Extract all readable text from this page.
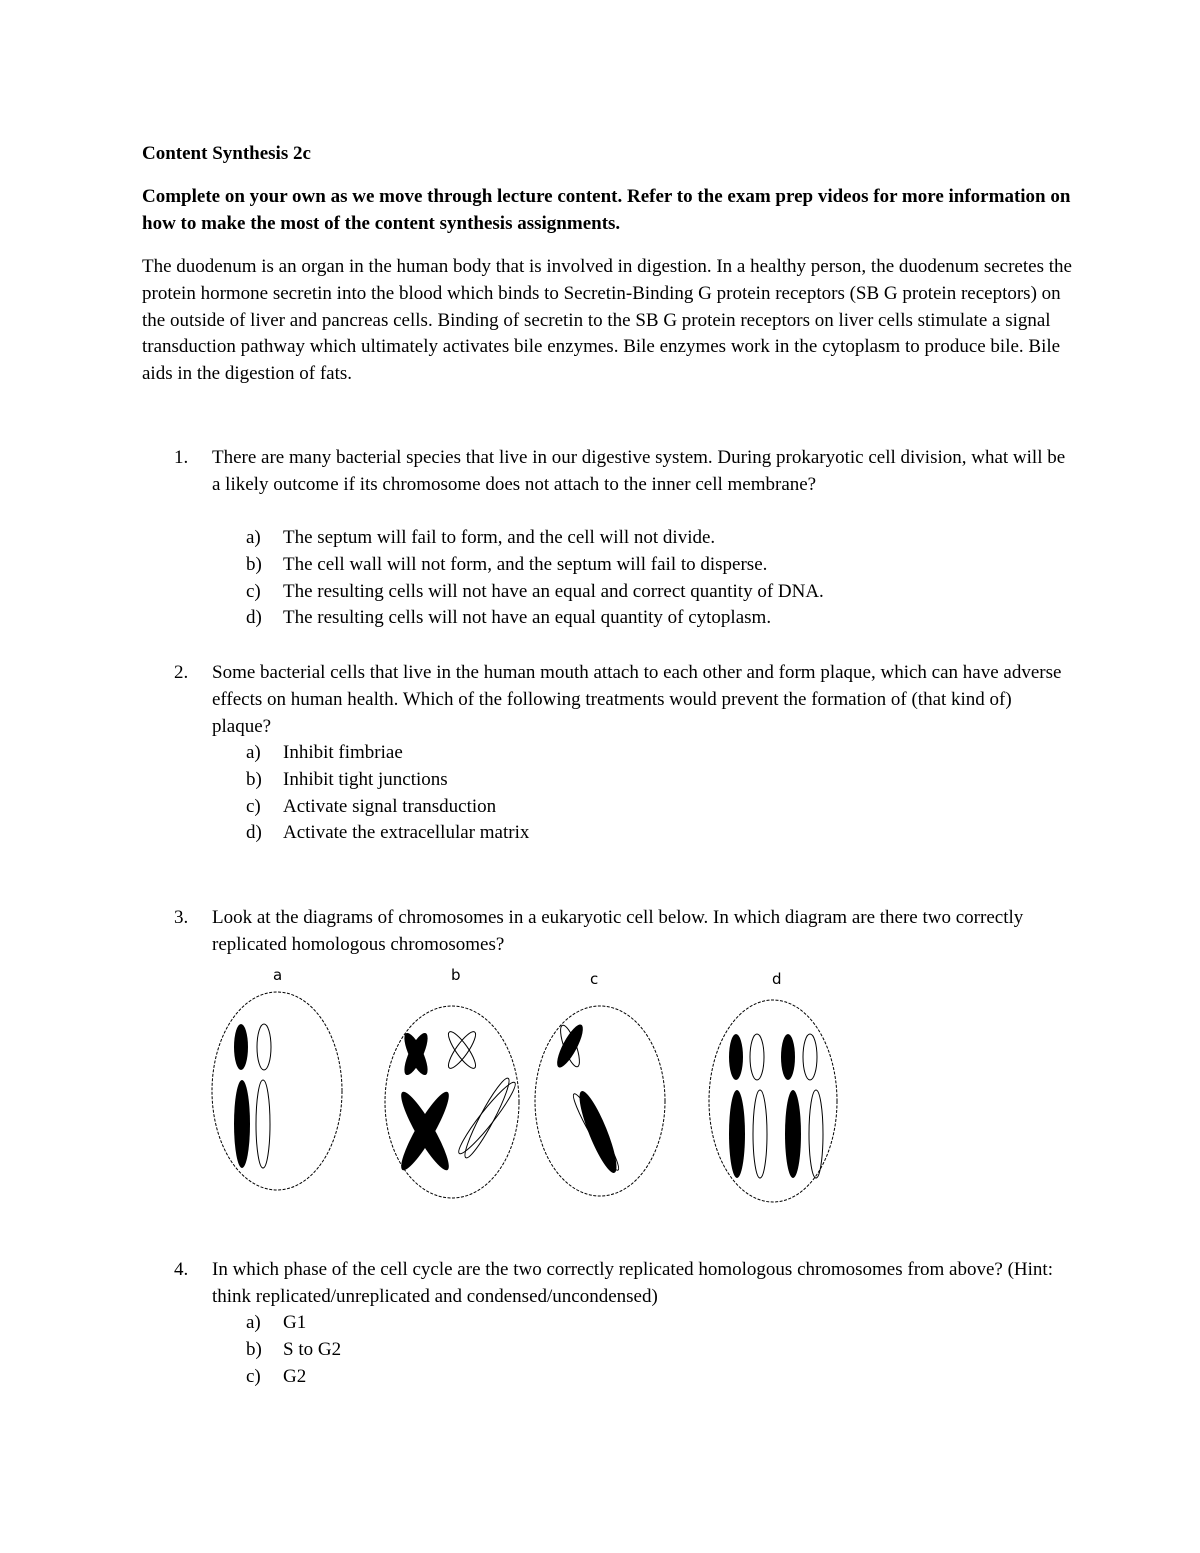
Content Synthesis 2c

Complete on your own as we move through lecture content. Refer to the exam prep videos for more information on how to make the most of the content synthesis assignments.

The duodenum is an organ in the human body that is involved in digestion. In a healthy person, the duodenum secretes the protein hormone secretin into the blood which binds to Secretin-Binding G protein receptors (SB G protein receptors) on the outside of liver and pancreas cells. Binding of secretin to the SB G protein receptors on liver cells stimulate a signal transduction pathway which ultimately activates bile enzymes. Bile enzymes work in the cytoplasm to produce bile. Bile aids in the digestion of fats.

1. There are many bacterial species that live in our digestive system. During prokaryotic cell division, what will be a likely outcome if its chromosome does not attach to the inner cell membrane?

a) The septum will fail to form, and the cell will not divide.
b) The cell wall will not form, and the septum will fail to disperse.
c) The resulting cells will not have an equal and correct quantity of DNA.
d) The resulting cells will not have an equal quantity of cytoplasm.
2. Some bacterial cells that live in the human mouth attach to each other and form plaque, which can have adverse effects on human health. Which of the following treatments would prevent the formation of (that kind of) plaque?

a) Inhibit fimbriae
b) Inhibit tight junctions
c) Activate signal transduction
d) Activate the extracellular matrix
3. Look at the diagrams of chromosomes in a eukaryotic cell below. In which diagram are there two correctly replicated homologous chromosomes?

a	b	c	d
4. In which phase of the cell cycle are the two correctly replicated homologous chromosomes from above? (Hint: think replicated/unreplicated and condensed/uncondensed)

a) G1
b) S to G2
c) G2
